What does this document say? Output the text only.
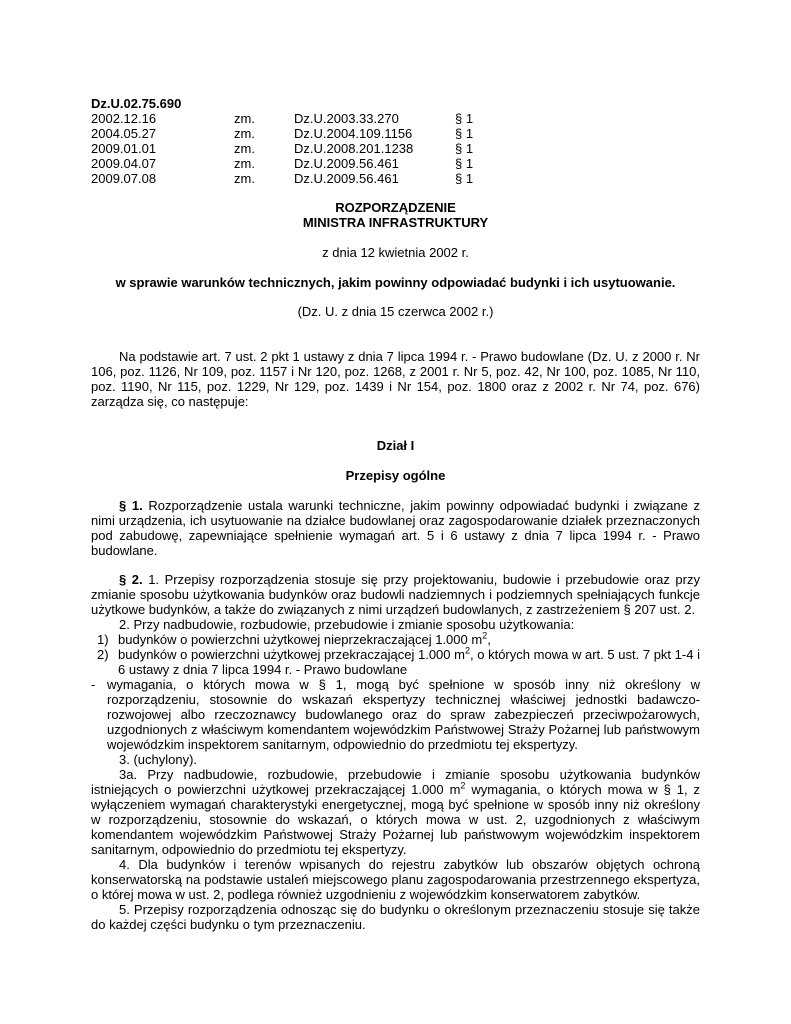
Dz.U.02.75.690
2002.12.16	zm.	Dz.U.2003.33.270	§ 1
2004.05.27	zm.	Dz.U.2004.109.1156	§ 1
2009.01.01	zm.	Dz.U.2008.201.1238	§ 1
2009.04.07	zm.	Dz.U.2009.56.461	§ 1
2009.07.08	zm.	Dz.U.2009.56.461	§ 1
ROZPORZĄDZENIE
MINISTRA INFRASTRUKTURY
z dnia 12 kwietnia 2002 r.
w sprawie warunków technicznych, jakim powinny odpowiadać budynki i ich usytuowanie.
(Dz. U. z dnia 15 czerwca 2002 r.)
Na podstawie art. 7 ust. 2 pkt 1 ustawy z dnia 7 lipca 1994 r. - Prawo budowlane (Dz. U. z 2000 r. Nr 106, poz. 1126, Nr 109, poz. 1157 i Nr 120, poz. 1268, z 2001 r. Nr 5, poz. 42, Nr 100, poz. 1085, Nr 110, poz. 1190, Nr 115, poz. 1229, Nr 129, poz. 1439 i Nr 154, poz. 1800 oraz z 2002 r. Nr 74, poz. 676) zarządza się, co następuje:
Dział I
Przepisy ogólne
§ 1. Rozporządzenie ustala warunki techniczne, jakim powinny odpowiadać budynki i związane z nimi urządzenia, ich usytuowanie na działce budowlanej oraz zagospodarowanie działek przeznaczonych pod zabudowę, zapewniające spełnienie wymagań art. 5 i 6 ustawy z dnia 7 lipca 1994 r. - Prawo budowlane.
§ 2. 1. Przepisy rozporządzenia stosuje się przy projektowaniu, budowie i przebudowie oraz przy zmianie sposobu użytkowania budynków oraz budowli nadziemnych i podziemnych spełniających funkcje użytkowe budynków, a także do związanych z nimi urządzeń budowlanych, z zastrzeżeniem § 207 ust. 2.
2. Przy nadbudowie, rozbudowie, przebudowie i zmianie sposobu użytkowania:
1) budynków o powierzchni użytkowej nieprzekraczającej 1.000 $m^2$,
2) budynków o powierzchni użytkowej przekraczającej 1.000 $m^2$, o których mowa w art. 5 ust. 7 pkt 1-4 i 6 ustawy z dnia 7 lipca 1994 r. - Prawo budowlane
- wymagania, o których mowa w § 1, mogą być spełnione w sposób inny niż określony w rozporządzeniu, stosownie do wskazań ekspertyzy technicznej właściwej jednostki badawczo-rozwojowej albo rzeczoznawcy budowlanego oraz do spraw zabezpieczeń przeciwpożarowych, uzgodnionych z właściwym komendantem wojewódzkim Państwowej Straży Pożarnej lub państwowym wojewódzkim inspektorem sanitarnym, odpowiednio do przedmiotu tej ekspertyzy.
3. (uchylony).
3a. Przy nadbudowie, rozbudowie, przebudowie i zmianie sposobu użytkowania budynków istniejących o powierzchni użytkowej przekraczającej 1.000 $m^2$ wymagania, o których mowa w § 1, z wyłączeniem wymagań charakterystyki energetycznej, mogą być spełnione w sposób inny niż określony w rozporządzeniu, stosownie do wskazań, o których mowa w ust. 2, uzgodnionych z właściwym komendantem wojewódzkim Państwowej Straży Pożarnej lub państwowym wojewódzkim inspektorem sanitarnym, odpowiednio do przedmiotu tej ekspertyzy.
4. Dla budynków i terenów wpisanych do rejestru zabytków lub obszarów objętych ochroną konserwatorską na podstawie ustaleń miejscowego planu zagospodarowania przestrzennego ekspertyza, o której mowa w ust. 2, podlega również uzgodnieniu z wojewódzkim konserwatorem zabytków.
5. Przepisy rozporządzenia odnosząc się do budynku o określonym przeznaczeniu stosuje się także do każdej części budynku o tym przeznaczeniu.
